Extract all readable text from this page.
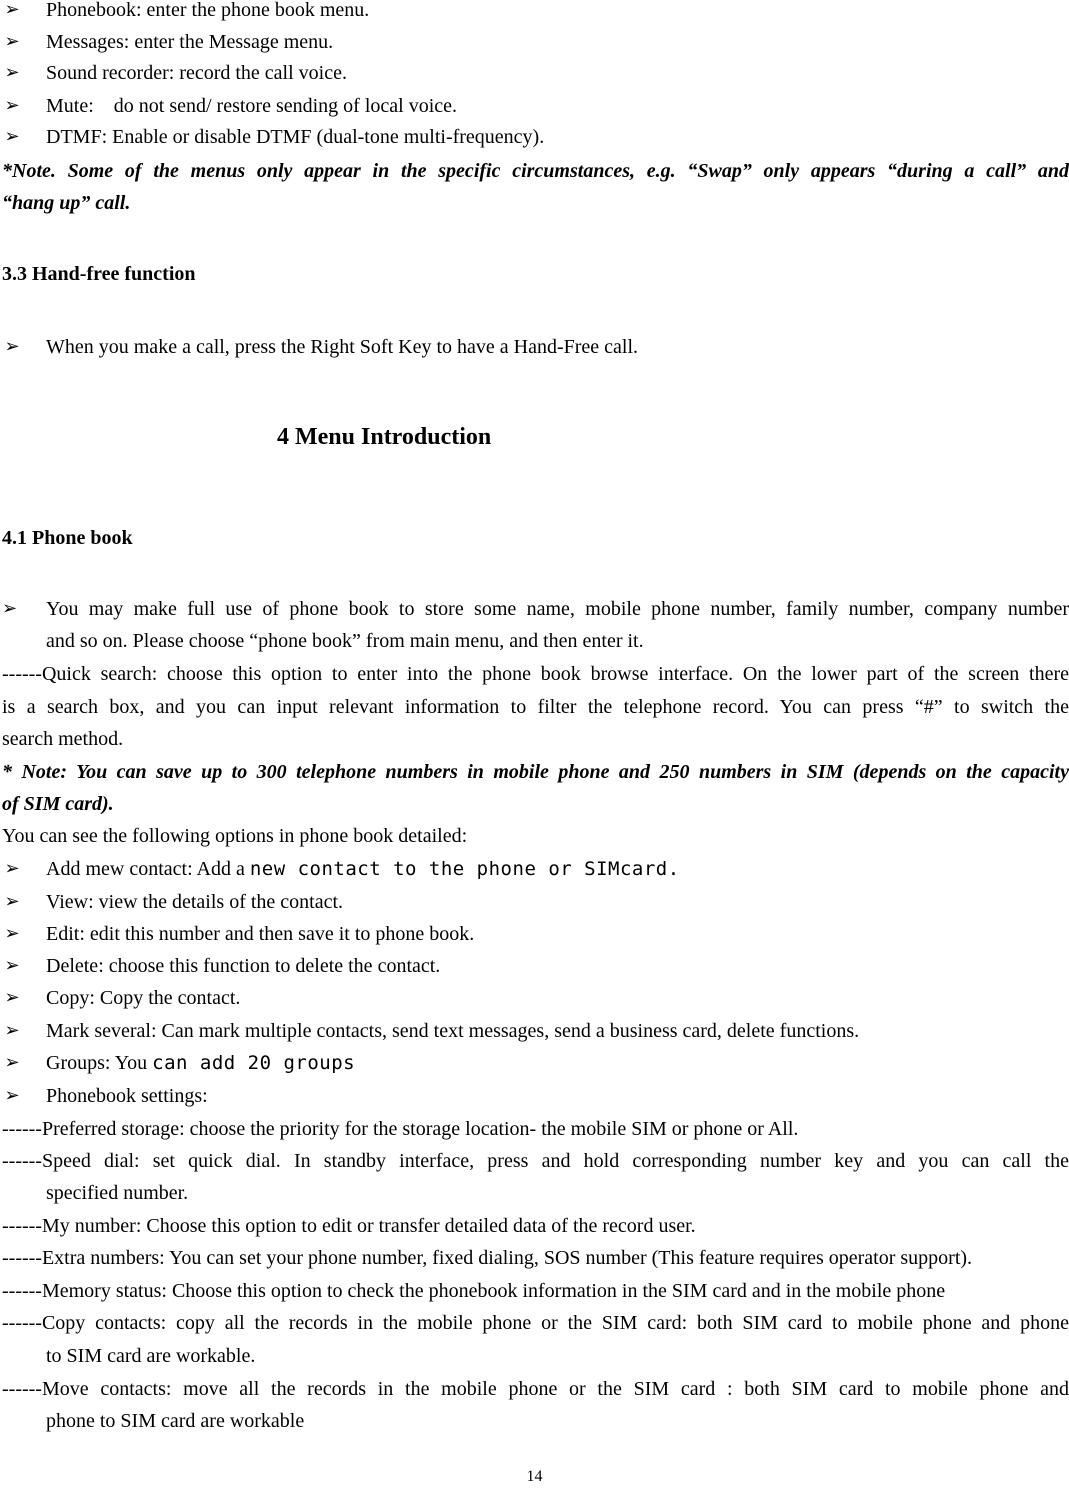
➢ Phonebook: enter the phone book menu.
➢ Messages: enter the Message menu.
➢ Sound recorder: record the call voice.
➢ Mute:    do not send/ restore sending of local voice.
➢ DTMF: Enable or disable DTMF (dual-tone multi-frequency).
*Note. Some of the menus only appear in the specific circumstances, e.g. “Swap” only appears “during a call” and
“hang up” call.
3.3 Hand-free function
➢ When you make a call, press the Right Soft Key to have a Hand-Free call.
4 Menu Introduction
4.1 Phone book
➢ You may make full use of phone book to store some name, mobile phone number, family number, company number
and so on. Please choose “phone book” from main menu, and then enter it.
------Quick search: choose this option to enter into the phone book browse interface. On the lower part of the screen there
is a search box, and you can input relevant information to filter the telephone record. You can press “#” to switch the
search method.
* Note: You can save up to 300 telephone numbers in mobile phone and 250 numbers in SIM (depends on the capacity
of SIM card).
You can see the following options in phone book detailed:
➢ Add mew contact: Add a new contact to the phone or SIMcard.
➢ View: view the details of the contact.
➢ Edit: edit this number and then save it to phone book.
➢ Delete: choose this function to delete the contact.
➢ Copy: Copy the contact.
➢ Mark several: Can mark multiple contacts, send text messages, send a business card, delete functions.
➢ Groups: You can add 20 groups
➢ Phonebook settings:
------Preferred storage: choose the priority for the storage location- the mobile SIM or phone or All.
------Speed dial: set quick dial. In standby interface, press and hold corresponding number key and you can call the
specified number.
------My number: Choose this option to edit or transfer detailed data of the record user.
------Extra numbers: You can set your phone number, fixed dialing, SOS number (This feature requires operator support).
------Memory status: Choose this option to check the phonebook information in the SIM card and in the mobile phone
------Copy contacts: copy all the records in the mobile phone or the SIM card: both SIM card to mobile phone and phone
to SIM card are workable.
------Move contacts: move all the records in the mobile phone or the SIM card : both SIM card to mobile phone and
phone to SIM card are workable
14
